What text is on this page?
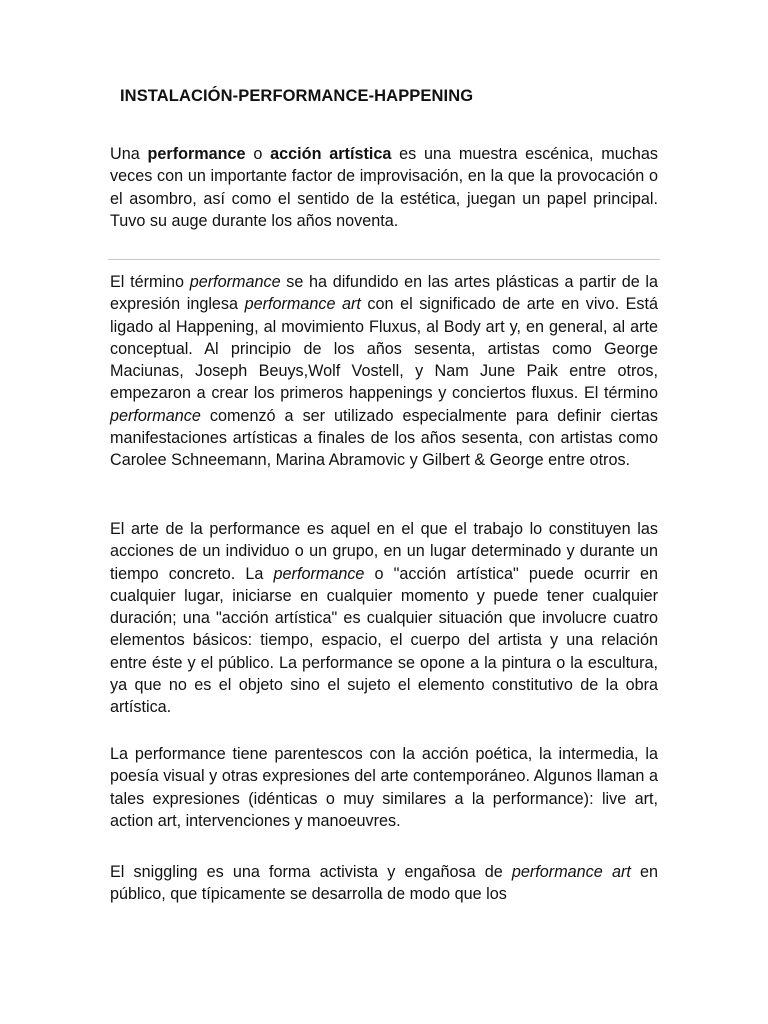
INSTALACIÓN-PERFORMANCE-HAPPENING

Una performance o acción artística es una muestra escénica, muchas veces con un importante factor de improvisación, en la que la provocación o el asombro, así como el sentido de la estética, juegan un papel principal. Tuvo su auge durante los años noventa.

El término performance se ha difundido en las artes plásticas a partir de la expresión inglesa performance art con el significado de arte en vivo. Está ligado al Happening, al movimiento Fluxus, al Body art y, en general, al arte conceptual. Al principio de los años sesenta, artistas como George Maciunas, Joseph Beuys,Wolf Vostell, y Nam June Paik entre otros, empezaron a crear los primeros happenings y conciertos fluxus. El término performance comenzó a ser utilizado especialmente para definir ciertas manifestaciones artísticas a finales de los años sesenta, con artistas como Carolee Schneemann, Marina Abramovic y Gilbert & George entre otros.

El arte de la performance es aquel en el que el trabajo lo constituyen las acciones de un individuo o un grupo, en un lugar determinado y durante un tiempo concreto. La performance o "acción artística" puede ocurrir en cualquier lugar, iniciarse en cualquier momento y puede tener cualquier duración; una "acción artística" es cualquier situación que involucre cuatro elementos básicos: tiempo, espacio, el cuerpo del artista y una relación entre éste y el público. La performance se opone a la pintura o la escultura, ya que no es el objeto sino el sujeto el elemento constitutivo de la obra artística.

La performance tiene parentescos con la acción poética, la intermedia, la poesía visual y otras expresiones del arte contemporáneo. Algunos llaman a tales expresiones (idénticas o muy similares a la performance): live art, action art, intervenciones y manoeuvres.

El sniggling es una forma activista y engañosa de performance art en público, que típicamente se desarrolla de modo que los
